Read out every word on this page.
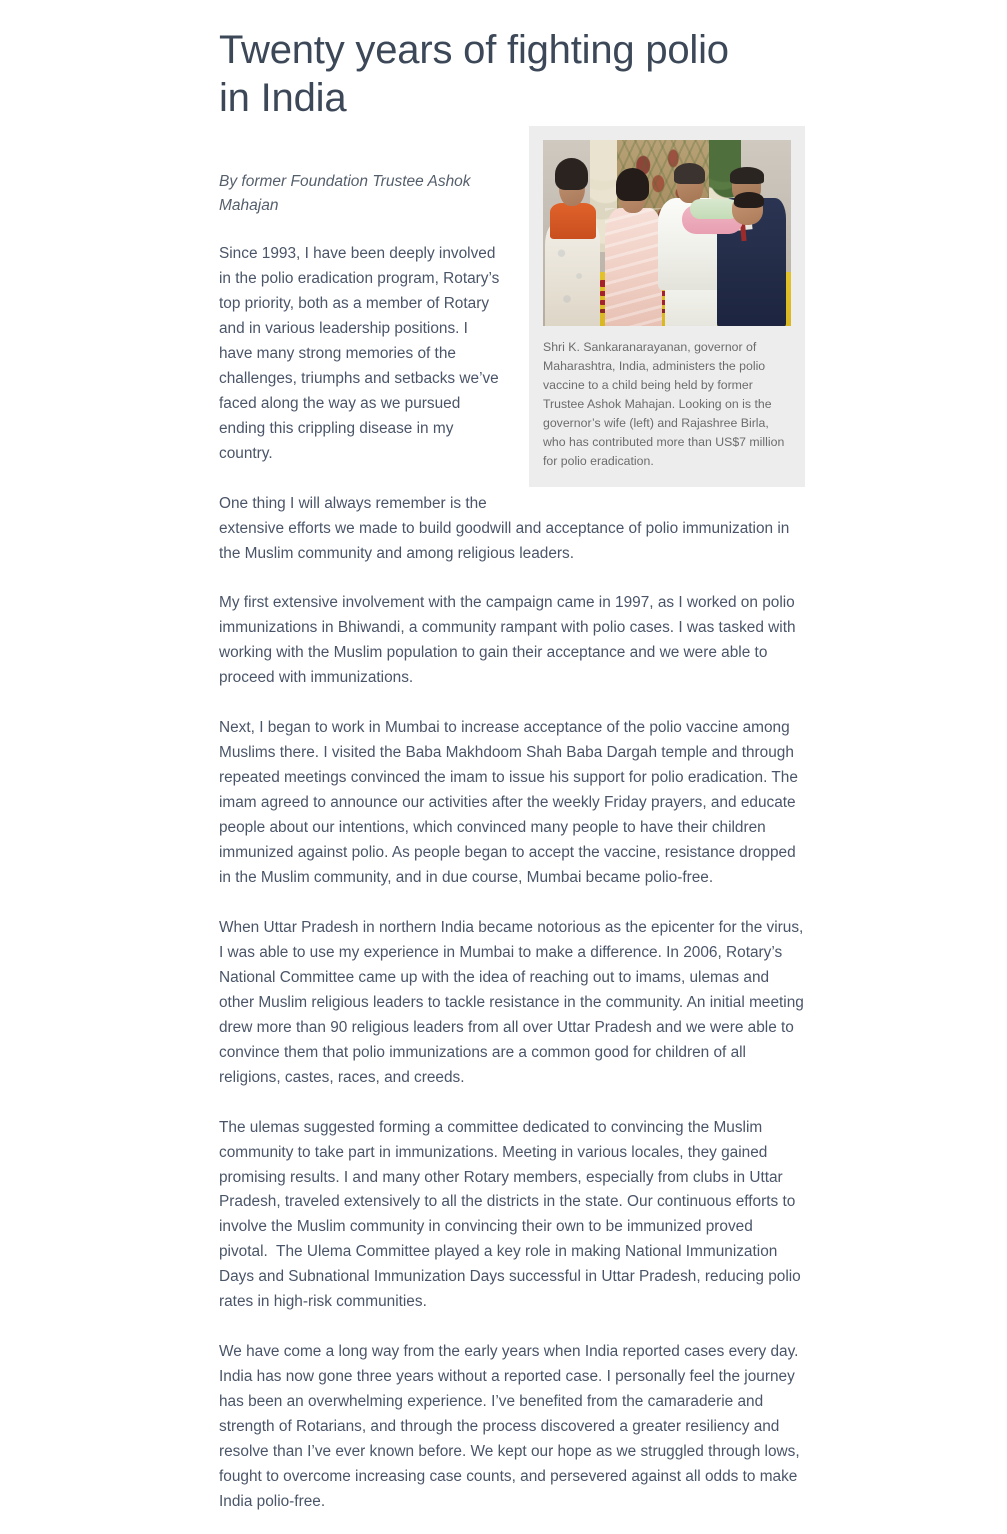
Twenty years of fighting polio in India
Shri K. Sankaranarayanan, governor of Maharashtra, India, administers the polio vaccine to a child being held by former Trustee Ashok Mahajan. Looking on is the governor’s wife (left) and Rajashree Birla, who has contributed more than US$7 million for polio eradication.

By former Foundation Trustee Ashok Mahajan

Since 1993, I have been deeply involved in the polio eradication program, Rotary’s top priority, both as a member of Rotary and in various leadership positions. I have many strong memories of the challenges, triumphs and setbacks we’ve faced along the way as we pursued ending this crippling disease in my country.

One thing I will always remember is the extensive efforts we made to build goodwill and acceptance of polio immunization in the Muslim community and among religious leaders.

My first extensive involvement with the campaign came in 1997, as I worked on polio immunizations in Bhiwandi, a community rampant with polio cases. I was tasked with working with the Muslim population to gain their acceptance and we were able to proceed with immunizations.

Next, I began to work in Mumbai to increase acceptance of the polio vaccine among Muslims there. I visited the Baba Makhdoom Shah Baba Dargah temple and through repeated meetings convinced the imam to issue his support for polio eradication. The imam agreed to announce our activities after the weekly Friday prayers, and educate people about our intentions, which convinced many people to have their children immunized against polio. As people began to accept the vaccine, resistance dropped in the Muslim community, and in due course, Mumbai became polio-free.

When Uttar Pradesh in northern India became notorious as the epicenter for the virus, I was able to use my experience in Mumbai to make a difference. In 2006, Rotary’s National Committee came up with the idea of reaching out to imams, ulemas and other Muslim religious leaders to tackle resistance in the community. An initial meeting drew more than 90 religious leaders from all over Uttar Pradesh and we were able to convince them that polio immunizations are a common good for children of all religions, castes, races, and creeds.

The ulemas suggested forming a committee dedicated to convincing the Muslim community to take part in immunizations. Meeting in various locales, they gained promising results. I and many other Rotary members, especially from clubs in Uttar Pradesh, traveled extensively to all the districts in the state. Our continuous efforts to involve the Muslim community in convincing their own to be immunized proved pivotal.  The Ulema Committee played a key role in making National Immunization Days and Subnational Immunization Days successful in Uttar Pradesh, reducing polio rates in high-risk communities.

We have come a long way from the early years when India reported cases every day. India has now gone three years without a reported case. I personally feel the journey has been an overwhelming experience. I’ve benefited from the camaraderie and strength of Rotarians, and through the process discovered a greater resiliency and resolve than I’ve ever known before. We kept our hope as we struggled through lows, fought to overcome increasing case counts, and persevered against all odds to make India polio-free.
